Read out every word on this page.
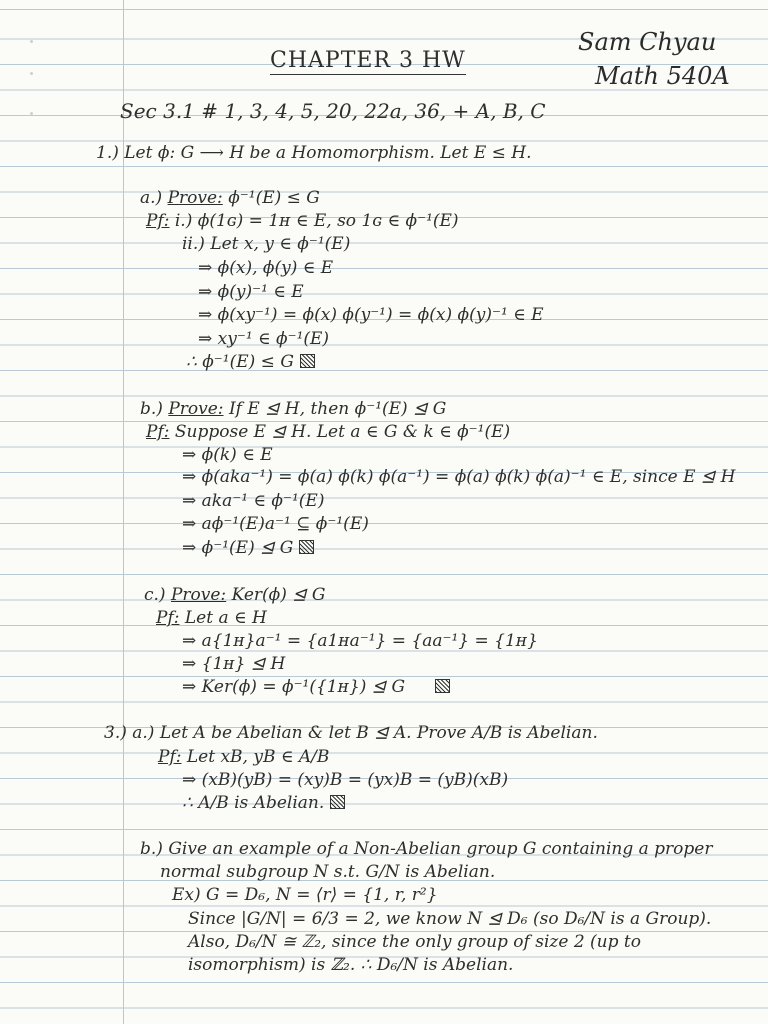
CHAPTER 3 HW
Sam Chyau
Math 540A
Sec 3.1 # 1, 3, 4, 5, 20, 22a, 36, + A, B, C
1.) Let ϕ: G ⟶ H be a Homomorphism. Let E ≤ H.
a.) Prove: ϕ⁻¹(E) ≤ G
Pf: i.) ϕ(1ɢ) = 1ʜ ∈ E, so 1ɢ ∈ ϕ⁻¹(E)
ii.) Let x, y ∈ ϕ⁻¹(E)
⇒ ϕ(x), ϕ(y) ∈ E
⇒ ϕ(y)⁻¹ ∈ E
⇒ ϕ(xy⁻¹) = ϕ(x) ϕ(y⁻¹) = ϕ(x) ϕ(y)⁻¹ ∈ E
⇒ xy⁻¹ ∈ ϕ⁻¹(E)
∴ ϕ⁻¹(E) ≤ G
b.) Prove: If E ⊴ H, then ϕ⁻¹(E) ⊴ G
Pf: Suppose E ⊴ H. Let a ∈ G & k ∈ ϕ⁻¹(E)
⇒ ϕ(k) ∈ E
⇒ ϕ(aka⁻¹) = ϕ(a) ϕ(k) ϕ(a⁻¹) = ϕ(a) ϕ(k) ϕ(a)⁻¹ ∈ E, since E ⊴ H
⇒ aka⁻¹ ∈ ϕ⁻¹(E)
⇒ aϕ⁻¹(E)a⁻¹ ⊆ ϕ⁻¹(E)
⇒ ϕ⁻¹(E) ⊴ G
c.) Prove: Ker(ϕ) ⊴ G
Pf: Let a ∈ H
⇒ a{1ʜ}a⁻¹ = {a1ʜa⁻¹} = {aa⁻¹} = {1ʜ}
⇒ {1ʜ} ⊴ H
⇒ Ker(ϕ) = ϕ⁻¹({1ʜ}) ⊴ G
3.) a.) Let A be Abelian & let B ⊴ A. Prove A/B is Abelian.
Pf: Let xB, yB ∈ A/B
⇒ (xB)(yB) = (xy)B = (yx)B = (yB)(xB)
∴ A/B is Abelian.
b.) Give an example of a Non-Abelian group G containing a proper
normal subgroup N s.t. G/N is Abelian.
Ex) G = D₆, N = ⟨r⟩ = {1, r, r²}
Since |G/N| = 6/3 = 2, we know N ⊴ D₆ (so D₆/N is a Group).
Also, D₆/N ≅ ℤ₂, since the only group of size 2 (up to
isomorphism) is ℤ₂. ∴ D₆/N is Abelian.
